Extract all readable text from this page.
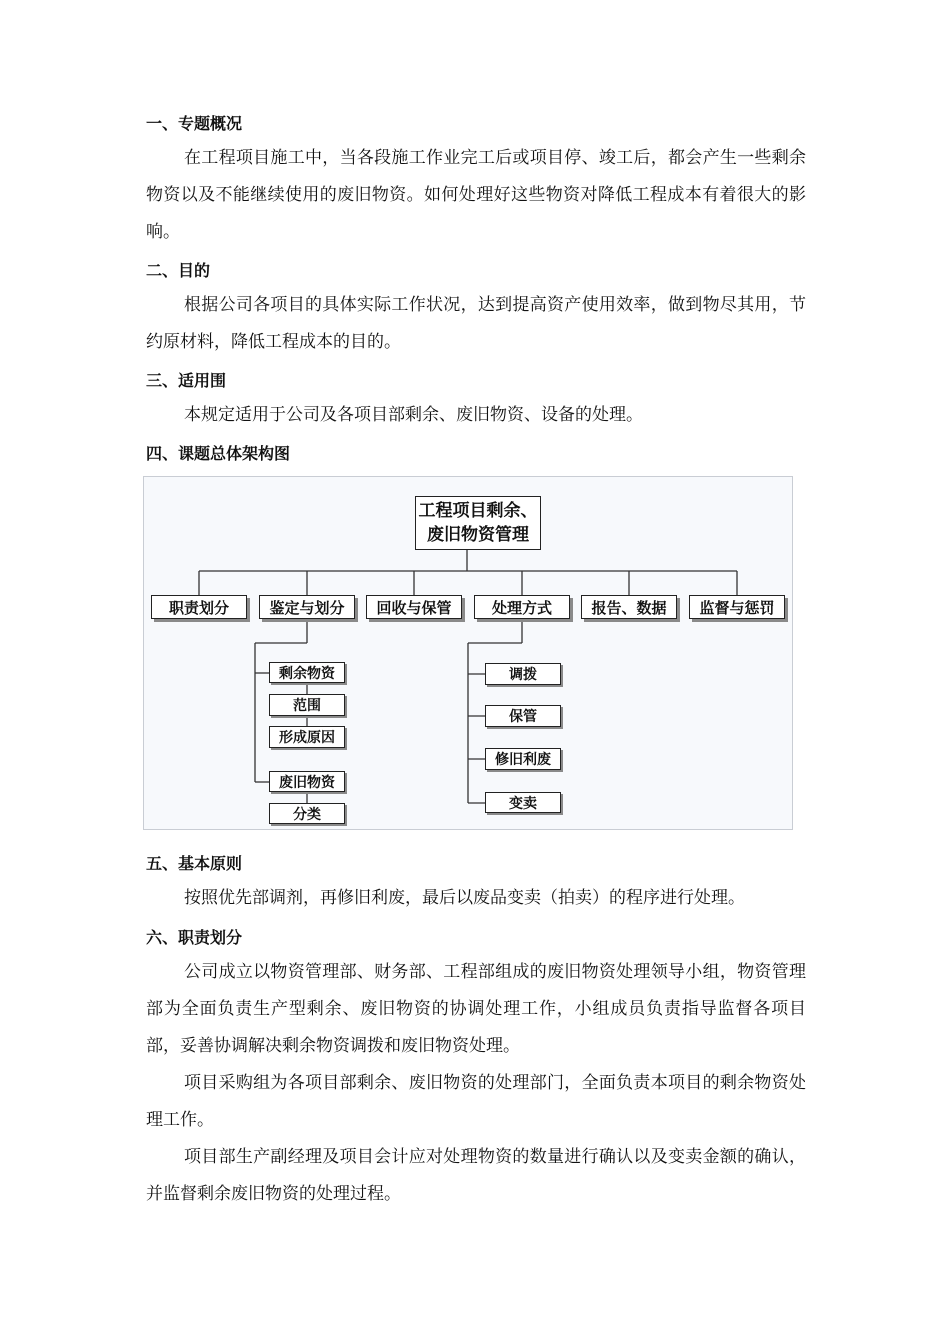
一、专题概况

在工程项目施工中，当各段施工作业完工后或项目停、竣工后，都会产生一些剩余物资以及不能继续使用的废旧物资。如何处理好这些物资对降低工程成本有着很大的影响。

二、目的

根据公司各项目的具体实际工作状况，达到提高资产使用效率，做到物尽其用，节约原材料，降低工程成本的目的。

三、适用围

本规定适用于公司及各项目部剩余、废旧物资、设备的处理。

四、课题总体架构图
工程项目剩余、
废旧物资管理
职责划分	鉴定与划分	回收与保管	处理方式	报告、数据	监督与惩罚
剩余物资
范围
形成原因
废旧物资
分类
调拨
保管
修旧利废
变卖
五、基本原则

按照优先部调剂，再修旧利废，最后以废品变卖（拍卖）的程序进行处理。

六、职责划分

公司成立以物资管理部、财务部、工程部组成的废旧物资处理领导小组，物资管理部为全面负责生产型剩余、废旧物资的协调处理工作，小组成员负责指导监督各项目部，妥善协调解决剩余物资调拨和废旧物资处理。

项目采购组为各项目部剩余、废旧物资的处理部门，全面负责本项目的剩余物资处理工作。

项目部生产副经理及项目会计应对处理物资的数量进行确认以及变卖金额的确认，并监督剩余废旧物资的处理过程。
